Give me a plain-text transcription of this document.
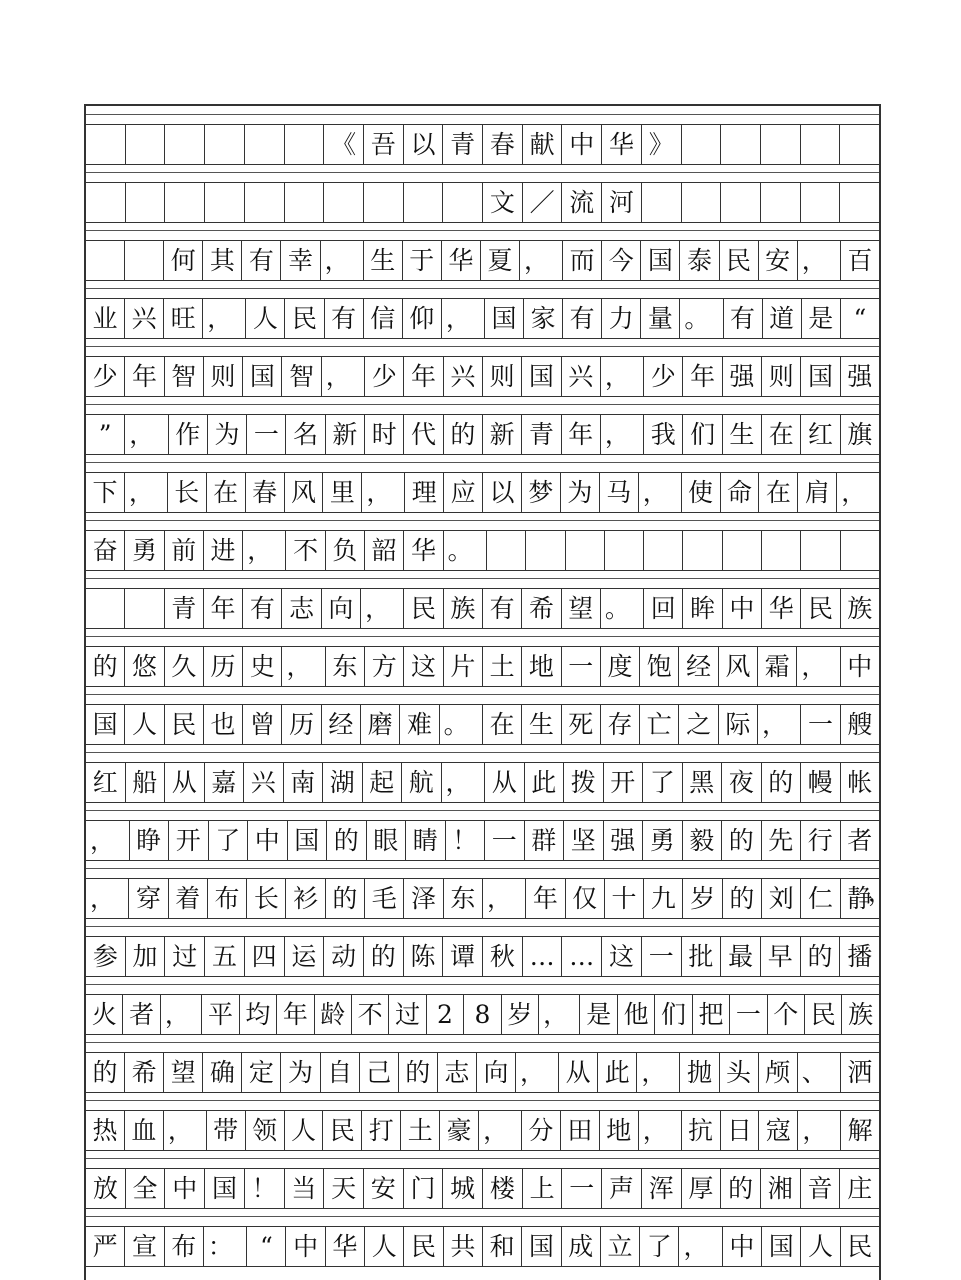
《 吾 以 青 春 献 中 华 》
文 ／ 流 河
何 其 有 幸 ， 生 于 华 夏 ， 而 今 国 泰 民 安 ， 百
业 兴 旺 ， 人 民 有 信 仰 ， 国 家 有 力 量 。 有 道 是 “
少 年 智 则 国 智 ， 少 年 兴 则 国 兴 ， 少 年 强 则 国 强
” ， 作 为 一 名 新 时 代 的 新 青 年 ， 我 们 生 在 红 旗
下 ， 长 在 春 风 里 ， 理 应 以 梦 为 马 ， 使 命 在 肩 ，
奋 勇 前 进 ， 不 负 韶 华 。
青 年 有 志 向 ， 民 族 有 希 望 。 回 眸 中 华 民 族
的 悠 久 历 史 ， 东 方 这 片 土 地 一 度 饱 经 风 霜 ， 中
国 人 民 也 曾 历 经 磨 难 。 在 生 死 存 亡 之 际 ， 一 艘
红 船 从 嘉 兴 南 湖 起 航 ， 从 此 拨 开 了 黑 夜 的 幔 帐
， 睁 开 了 中 国 的 眼 睛 ！ 一 群 坚 强 勇 毅 的 先 行 者
， 穿 着 布 长 衫 的 毛 泽 东 ， 年 仅 十 九 岁 的 刘 仁 静
，
参 加 过 五 四 运 动 的 陈 谭 秋 … … 这 一 批 最 早 的 播
火 者 ， 平 均 年 龄 不 过 2 8 岁 ， 是 他 们 把 一 个 民 族
的 希 望 确 定 为 自 己 的 志 向 ， 从 此 ， 抛 头 颅 、 洒
热 血 ， 带 领 人 民 打 土 豪 ， 分 田 地 ， 抗 日 寇 ， 解
放 全 中 国 ！ 当 天 安 门 城 楼 上 一 声 浑 厚 的 湘 音 庄
严 宣 布 ：	“ 中 华 人 民 共 和 国 成 立 了 ， 中 国 人 民
